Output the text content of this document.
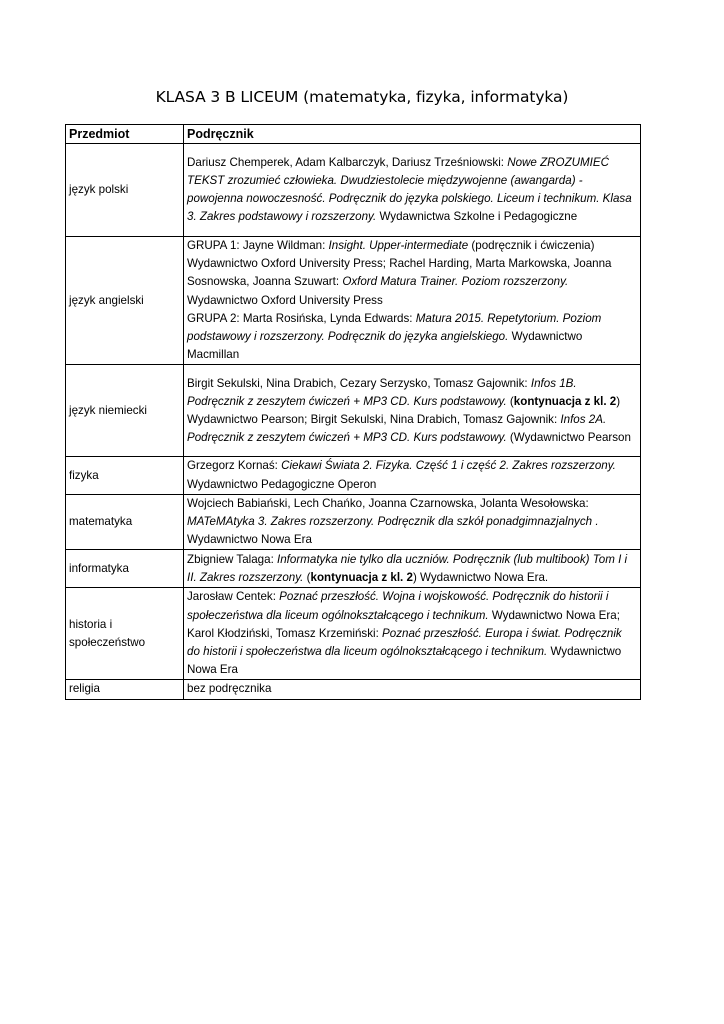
KLASA 3 B LICEUM (matematyka, fizyka, informatyka)
Przedmiot	Podręcznik
język polski	Dariusz Chemperek, Adam Kalbarczyk, Dariusz Trześniowski: Nowe ZROZUMIEĆ TEKST zrozumieć człowieka. Dwudziestolecie międzywojenne (awangarda) - powojenna nowoczesność. Podręcznik do języka polskiego. Liceum i technikum. Klasa 3. Zakres podstawowy i rozszerzony. Wydawnictwa Szkolne i Pedagogiczne
język angielski	GRUPA 1: Jayne Wildman: Insight. Upper-intermediate (podręcznik i ćwiczenia) Wydawnictwo Oxford University Press; Rachel Harding, Marta Markowska, Joanna Sosnowska, Joanna Szuwart: Oxford Matura Trainer. Poziom rozszerzony. Wydawnictwo Oxford University Press
GRUPA 2: Marta Rosińska, Lynda Edwards: Matura 2015. Repetytorium. Poziom podstawowy i rozszerzony. Podręcznik do języka angielskiego. Wydawnictwo Macmillan
język niemiecki	Birgit Sekulski, Nina Drabich, Cezary Serzysko, Tomasz Gajownik: Infos 1B. Podręcznik z zeszytem ćwiczeń + MP3 CD. Kurs podstawowy. (kontynuacja z kl. 2) Wydawnictwo Pearson; Birgit Sekulski, Nina Drabich, Tomasz Gajownik: Infos 2A. Podręcznik z zeszytem ćwiczeń + MP3 CD. Kurs podstawowy. (Wydawnictwo Pearson
fizyka	Grzegorz Kornaś: Ciekawi Świata 2. Fizyka. Część 1 i część 2. Zakres rozszerzony. Wydawnictwo Pedagogiczne Operon
matematyka	Wojciech Babiański, Lech Chańko, Joanna Czarnowska, Jolanta Wesołowska: MATeMAtyka 3. Zakres rozszerzony. Podręcznik dla szkół ponadgimnazjalnych . Wydawnictwo Nowa Era
informatyka	Zbigniew Talaga: Informatyka nie tylko dla uczniów. Podręcznik (lub multibook) Tom I i II. Zakres rozszerzony. (kontynuacja z kl. 2) Wydawnictwo Nowa Era.
historia i społeczeństwo	Jarosław Centek: Poznać przeszłość. Wojna i wojskowość. Podręcznik do historii i społeczeństwa dla liceum ogólnokształcącego i technikum. Wydawnictwo Nowa Era; Karol Kłodziński, Tomasz Krzemiński: Poznać przeszłość. Europa i świat. Podręcznik do historii i społeczeństwa dla liceum ogólnokształcącego i technikum. Wydawnictwo Nowa Era
religia	bez podręcznika
